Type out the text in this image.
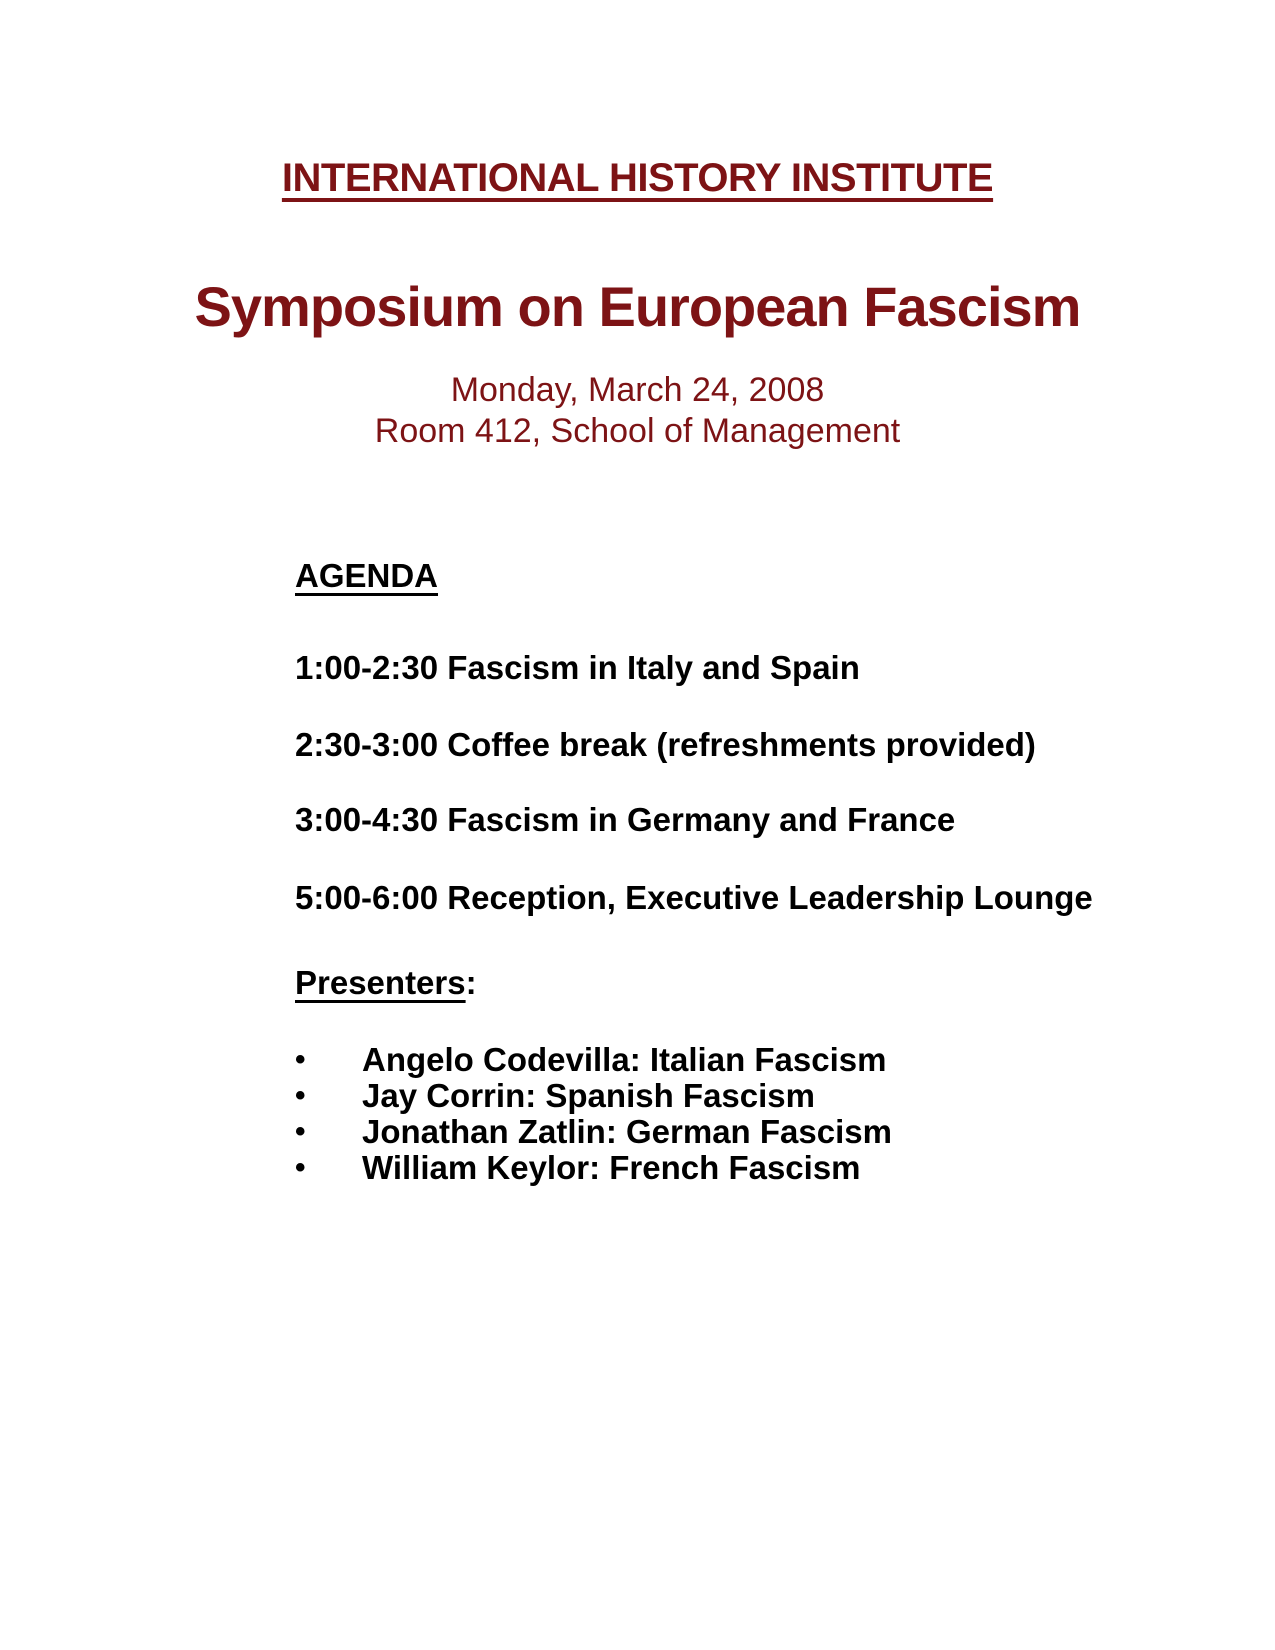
INTERNATIONAL HISTORY INSTITUTE
Symposium on European Fascism
Monday, March 24, 2008
Room 412, School of Management
AGENDA
1:00-2:30 Fascism in Italy and Spain
2:30-3:00 Coffee break (refreshments provided)
3:00-4:30 Fascism in Germany and France
5:00-6:00 Reception, Executive Leadership Lounge
Presenters:
•	Angelo Codevilla: Italian Fascism
•	Jay Corrin: Spanish Fascism
•	Jonathan Zatlin: German Fascism
•	William Keylor: French Fascism
